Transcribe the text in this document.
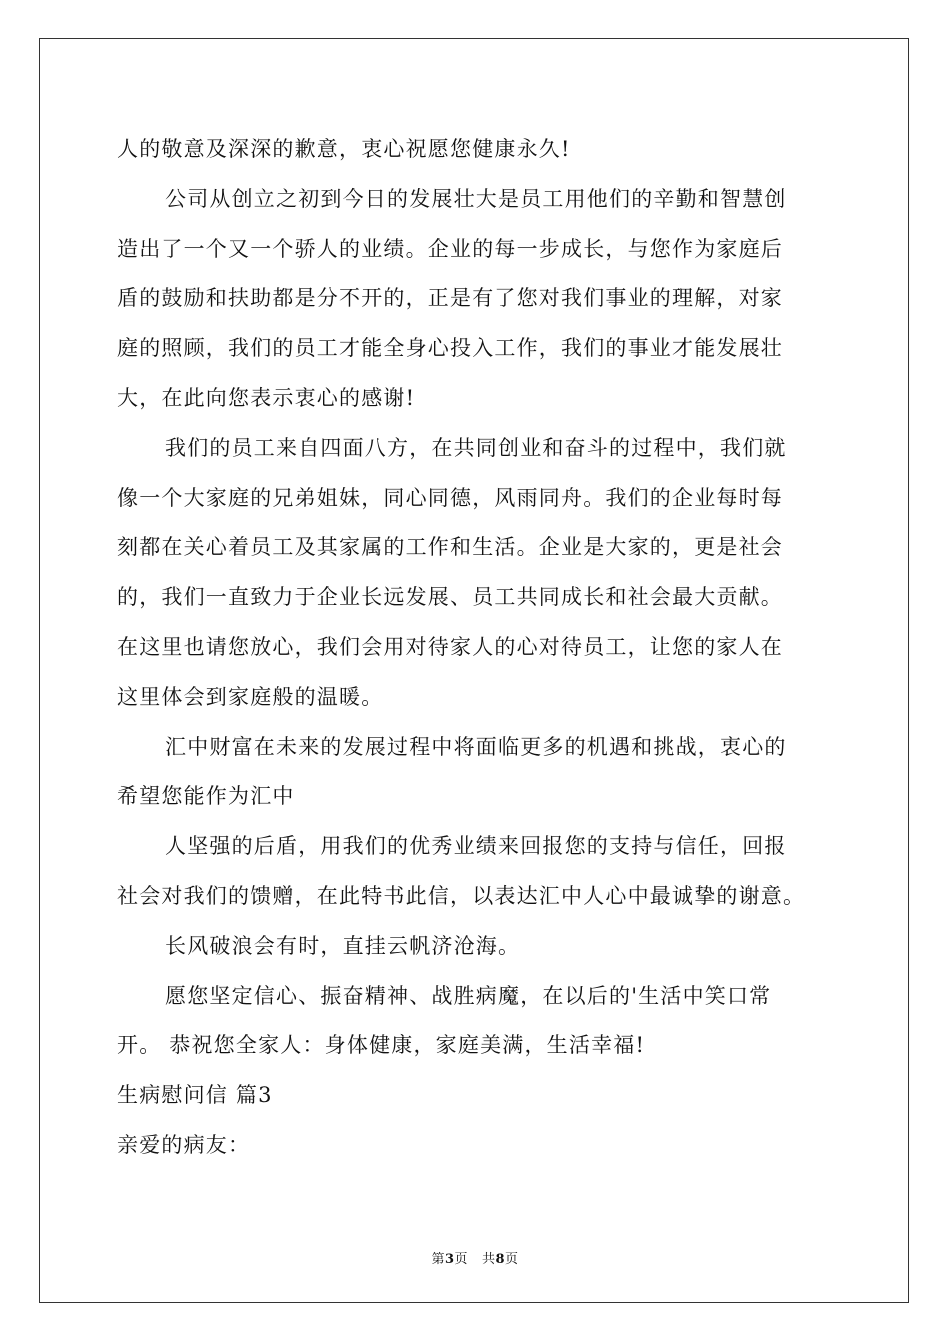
人的敬意及深深的歉意，衷心祝愿您健康永久!
公司从创立之初到今日的发展壮大是员工用他们的辛勤和智慧创
造出了一个又一个骄人的业绩。企业的每一步成长，与您作为家庭后
盾的鼓励和扶助都是分不开的，正是有了您对我们事业的理解，对家
庭的照顾，我们的员工才能全身心投入工作，我们的事业才能发展壮
大，在此向您表示衷心的感谢!
我们的员工来自四面八方，在共同创业和奋斗的过程中，我们就
像一个大家庭的兄弟姐妹，同心同德，风雨同舟。我们的企业每时每
刻都在关心着员工及其家属的工作和生活。企业是大家的，更是社会
的，我们一直致力于企业长远发展、员工共同成长和社会最大贡献。
在这里也请您放心，我们会用对待家人的心对待员工，让您的家人在
这里体会到家庭般的温暖。
汇中财富在未来的发展过程中将面临更多的机遇和挑战，衷心的
希望您能作为汇中
人坚强的后盾，用我们的优秀业绩来回报您的支持与信任，回报
社会对我们的馈赠，在此特书此信，以表达汇中人心中最诚挚的谢意。
长风破浪会有时，直挂云帆济沧海。
愿您坚定信心、振奋精神、战胜病魔，在以后的'生活中笑口常
开。 恭祝您全家人：身体健康，家庭美满，生活幸福!
生病慰问信 篇3
亲爱的病友：
第3页 共8页
